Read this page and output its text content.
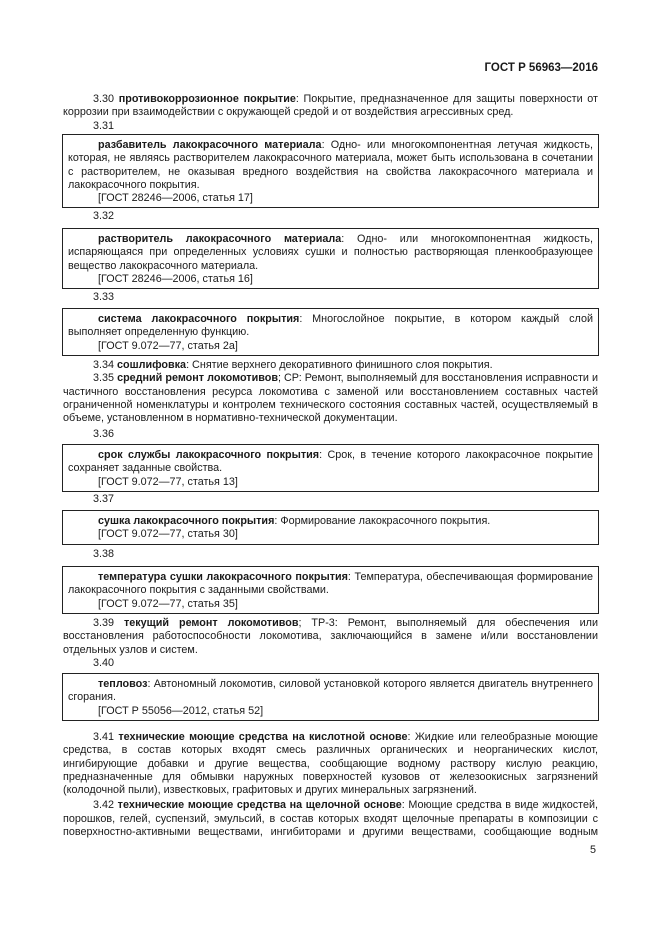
ГОСТ Р 56963—2016

3.30 противокоррозионное покрытие: Покрытие, предназначенное для защиты поверхности от коррозии при взаимодействии с окружающей средой и от воздействия агрессивных сред.

3.31

разбавитель лакокрасочного материала: Одно- или многокомпонентная летучая жидкость, которая, не являясь растворителем лакокрасочного материала, может быть использована в сочетании с растворителем, не оказывая вредного воздействия на свойства лакокрасочного материала и лакокрасочного покрытия.

[ГОСТ 28246—2006, статья 17]
3.32

растворитель лакокрасочного материала: Одно- или многокомпонентная жидкость, испаряющаяся при определенных условиях сушки и полностью растворяющая пленкообразующее вещество лакокрасочного материала.

[ГОСТ 28246—2006, статья 16]
3.33

система лакокрасочного покрытия: Многослойное покрытие, в котором каждый слой выполняет определенную функцию.

[ГОСТ 9.072—77, статья 2а]

3.34 сошлифовка: Снятие верхнего декоративного финишного слоя покрытия.

3.35 средний ремонт локомотивов; СР: Ремонт, выполняемый для восстановления исправности и частичного восстановления ресурса локомотива с заменой или восстановлением составных частей ограниченной номенклатуры и контролем технического состояния составных частей, осуществляемый в объеме, установленном в нормативно-технической документации.

3.36

срок службы лакокрасочного покрытия: Срок, в течение которого лакокрасочное покрытие сохраняет заданные свойства.

[ГОСТ 9.072—77, статья 13]
3.37

сушка лакокрасочного покрытия: Формирование лакокрасочного покрытия.

[ГОСТ 9.072—77, статья 30]
3.38

температура сушки лакокрасочного покрытия: Температура, обеспечивающая формирование лакокрасочного покрытия с заданными свойствами.

[ГОСТ 9.072—77, статья 35]

3.39 текущий ремонт локомотивов; ТР-3: Ремонт, выполняемый для обеспечения или восстановления работоспособности локомотива, заключающийся в замене и/или восстановлении отдельных узлов и систем.

3.40

тепловоз: Автономный локомотив, силовой установкой которого является двигатель внутреннего сгорания.

[ГОСТ Р 55056—2012, статья 52]

3.41 технические моющие средства на кислотной основе: Жидкие или гелеобразные моющие средства, в состав которых входят смесь различных органических и неорганических кислот, ингибирующие добавки и другие вещества, сообщающие водному раствору кислую реакцию, предназначенные для обмывки наружных поверхностей кузовов от железоокисных загрязнений (колодочной пыли), известковых, графитовых и других минеральных загрязнений.

3.42 технические моющие средства на щелочной основе: Моющие средства в виде жидкостей, порошков, гелей, суспензий, эмульсий, в состав которых входят щелочные препараты в композиции с поверхностно-активными веществами, ингибиторами и другими веществами, сообщающие водным

5
